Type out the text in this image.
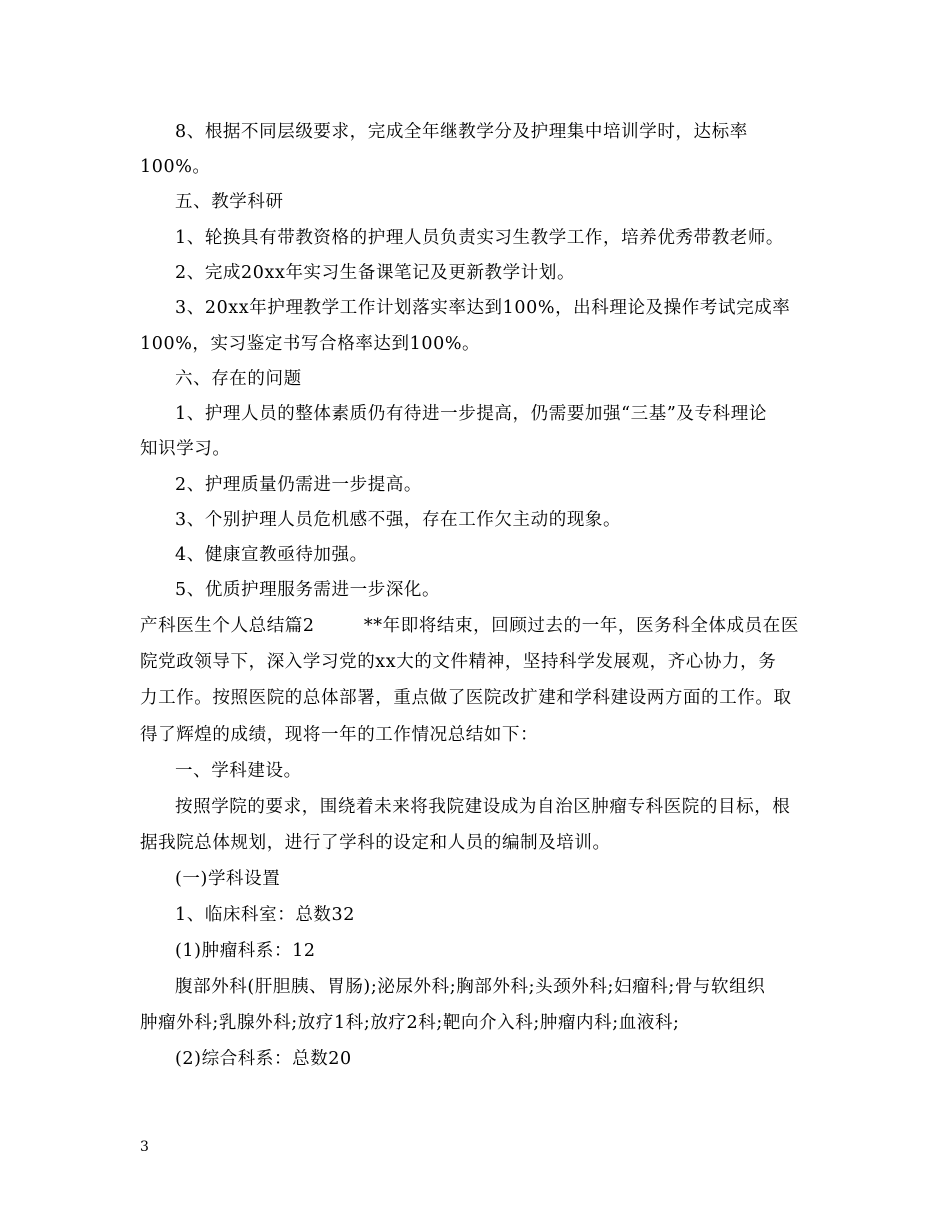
8、根据不同层级要求，完成全年继教学分及护理集中培训学时，达标率
100%。
五、教学科研
1、轮换具有带教资格的护理人员负责实习生教学工作，培养优秀带教老师。
2、完成20xx年实习生备课笔记及更新教学计划。
3、20xx年护理教学工作计划落实率达到100%，出科理论及操作考试完成率
100%，实习鉴定书写合格率达到100%。
六、存在的问题
1、护理人员的整体素质仍有待进一步提高，仍需要加强“三基”及专科理论
知识学习。
2、护理质量仍需进一步提高。
3、个别护理人员危机感不强，存在工作欠主动的现象。
4、健康宣教亟待加强。
5、优质护理服务需进一步深化。
产科医生个人总结篇2        **年即将结束，回顾过去的一年，医务科全体成员在医
院党政领导下，深入学习党的xx大的文件精神，坚持科学发展观，齐心协力，务
力工作。按照医院的总体部署，重点做了医院改扩建和学科建设两方面的工作。取
得了辉煌的成绩，现将一年的工作情况总结如下：
一、学科建设。
按照学院的要求，围绕着未来将我院建设成为自治区肿瘤专科医院的目标，根
据我院总体规划，进行了学科的设定和人员的编制及培训。
(一)学科设置
1、临床科室：总数32
(1)肿瘤科系：12
腹部外科(肝胆胰、胃肠);泌尿外科;胸部外科;头颈外科;妇瘤科;骨与软组织
肿瘤外科;乳腺外科;放疗1科;放疗2科;靶向介入科;肿瘤内科;血液科;
(2)综合科系：总数20
3
